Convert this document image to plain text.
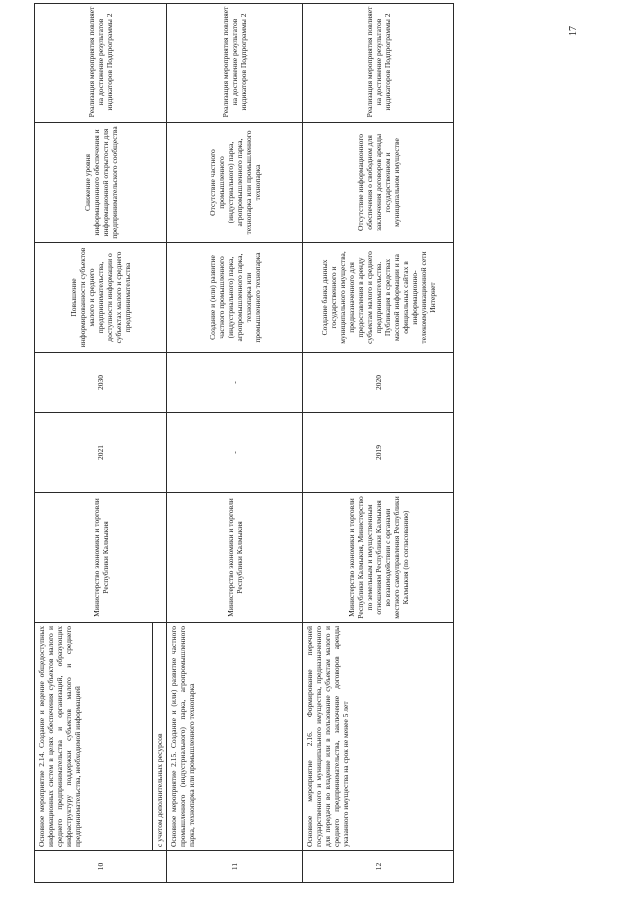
17
10

Основное мероприятие 2.14. Создание и ведение общедоступных информационных систем в целях обеспечения субъектов малого и среднего предпринимательства и организаций, образующих инфраструктуру поддержки субъектов малого и среднего предпринимательства, необходимой информацией	с учетом дополнительных ресурсов

Министерство экономики и торговли Республики Калмыкия
2021
2030
Повышение информированности субъектов малого и среднего предпринимательства, доступности информации о субъектах малого и среднего предпринимательства
Снижение уровня информационного обеспечения и информационной открытости для предпринимательского сообщества
Реализация мероприятия повлияет на достижение результатов индикаторов Подпрограммы 2
11
Основное мероприятие 2.15. Создание и (или) развитие частного промышленного (индустриального) парка, агропромышленного парка, технопарка или промышленного технопарка
Министерство экономики и торговли Республики Калмыкия
-
-
Создание и (или) развитие частного промышленного (индустриального) парка, агропромышленного парка, технопарка или промышленного технопарка
Отсутствие частного промышленного (индустриального) парка, агропромышленного парка, технопарка или промышленного технопарка
Реализация мероприятия повлияет на достижение результатов индикаторов Подпрограммы 2
12
Основное мероприятие 2.16. Формирование перечней государственного и муниципального имущества, предназначенного для передачи во владение или в пользование субъектам малого и среднего предпринимательства, заключение договоров аренды указанного имущества на срок не менее 5 лет
Министерство экономики и торговли Республики Калмыкия, Министерство по земельным и имущественным отношениям Республики Калмыкия во взаимодействии с органами местного самоуправления Республики Калмыкия (по согласованию)
2019
2020
Создание банка данных государственного и муниципального имущества, предназначенного для предоставления в аренду субъектам малого и среднего предпринимательства. Публикация в средствах массовой информации и на официальных сайтах в информационно-телекоммуникационной сети Интернет
Отсутствие информационного обеспечения о свободном для заключения договоров аренды государственном и муниципальном имуществе
Реализация мероприятия повлияет на достижение результатов индикаторов Подпрограммы 2
